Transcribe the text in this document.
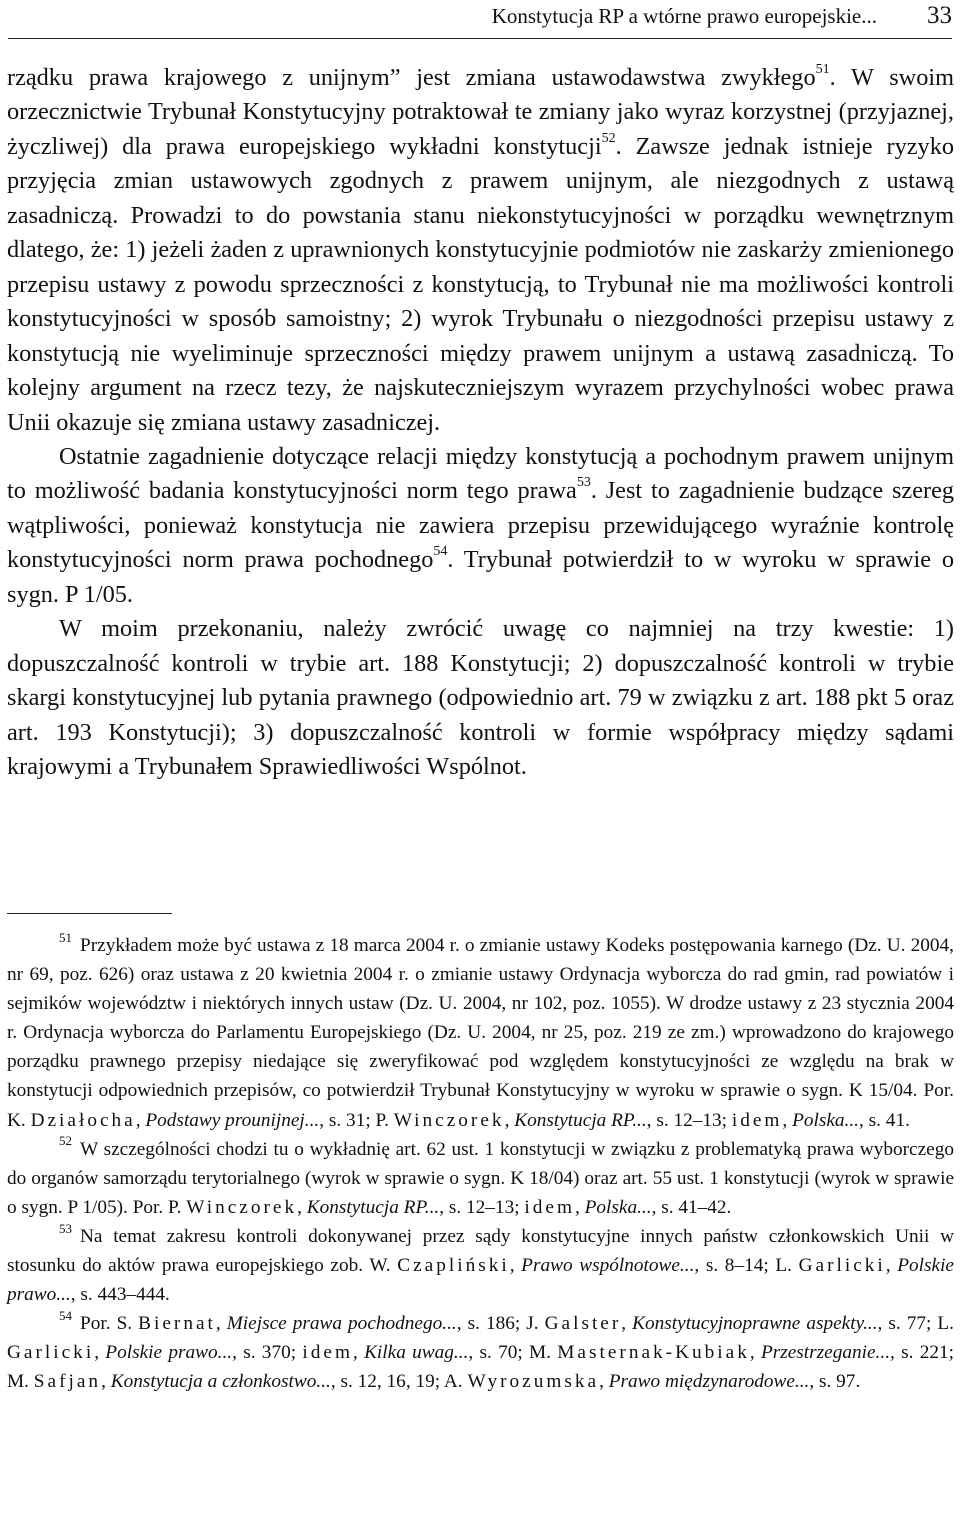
Konstytucja RP a wtórne prawo europejskie... 33

rządku prawa krajowego z unijnym” jest zmiana ustawodawstwa zwykłego$^{51}$. W swoim orzecznictwie Trybunał Konstytucyjny potraktował te zmiany jako wyraz korzystnej (przyjaznej, życzliwej) dla prawa europejskiego wykładni konstytucji$^{52}$. Zawsze jednak istnieje ryzyko przyjęcia zmian ustawowych zgodnych z prawem unijnym, ale niezgodnych z ustawą zasadniczą. Prowadzi to do powstania stanu niekonstytucyjności w porządku wewnętrznym dlatego, że: 1) jeżeli żaden z uprawnionych konstytucyjnie podmiotów nie zaskarży zmienionego przepisu ustawy z powodu sprzeczności z konstytucją, to Trybunał nie ma możliwości kontroli konstytucyjności w sposób samoistny; 2) wyrok Trybunału o niezgodności przepisu ustawy z konstytucją nie wyeliminuje sprzeczności między prawem unijnym a ustawą zasadniczą. To kolejny argument na rzecz tezy, że najskuteczniejszym wyrazem przychylności wobec prawa Unii okazuje się zmiana ustawy zasadniczej.

Ostatnie zagadnienie dotyczące relacji między konstytucją a pochodnym prawem unijnym to możliwość badania konstytucyjności norm tego prawa$^{53}$. Jest to zagadnienie budzące szereg wątpliwości, ponieważ konstytucja nie zawiera przepisu przewidującego wyraźnie kontrolę konstytucyjności norm prawa pochodnego$^{54}$. Trybunał potwierdził to w wyroku w sprawie o sygn. P 1/05.

W moim przekonaniu, należy zwrócić uwagę co najmniej na trzy kwestie: 1) dopuszczalność kontroli w trybie art. 188 Konstytucji; 2) dopuszczalność kontroli w trybie skargi konstytucyjnej lub pytania prawnego (odpowiednio art. 79 w związku z art. 188 pkt 5 oraz art. 193 Konstytucji); 3) dopuszczalność kontroli w formie współpracy między sądami krajowymi a Trybunałem Sprawiedliwości Wspólnot.

$^{51}$ Przykładem może być ustawa z 18 marca 2004 r. o zmianie ustawy Kodeks postępowania karnego (Dz. U. 2004, nr 69, poz. 626) oraz ustawa z 20 kwietnia 2004 r. o zmianie ustawy Ordynacja wyborcza do rad gmin, rad powiatów i sejmików województw i niektórych innych ustaw (Dz. U. 2004, nr 102, poz. 1055). W drodze ustawy z 23 stycznia 2004 r. Ordynacja wyborcza do Parlamentu Europejskiego (Dz. U. 2004, nr 25, poz. 219 ze zm.) wprowadzono do krajowego porządku prawnego przepisy niedające się zweryfikować pod względem konstytucyjności ze względu na brak w konstytucji odpowiednich przepisów, co potwierdził Trybunał Konstytucyjny w wyroku w sprawie o sygn. K 15/04. Por. K. Działocha, Podstawy prounijnej..., s. 31; P. Winczorek, Konstytucja RP..., s. 12–13; idem, Polska..., s. 41.

$^{52}$ W szczególności chodzi tu o wykładnię art. 62 ust. 1 konstytucji w związku z problematyką prawa wyborczego do organów samorządu terytorialnego (wyrok w sprawie o sygn. K 18/04) oraz art. 55 ust. 1 konstytucji (wyrok w sprawie o sygn. P 1/05). Por. P. Winczorek, Konstytucja RP..., s. 12–13; idem, Polska..., s. 41–42.

$^{53}$ Na temat zakresu kontroli dokonywanej przez sądy konstytucyjne innych państw członkowskich Unii w stosunku do aktów prawa europejskiego zob. W. Czapliński, Prawo wspólnotowe..., s. 8–14; L. Garlicki, Polskie prawo..., s. 443–444.

$^{54}$ Por. S. Biernat, Miejsce prawa pochodnego..., s. 186; J. Galster, Konstytucyjnoprawne aspekty..., s. 77; L. Garlicki, Polskie prawo..., s. 370; idem, Kilka uwag..., s. 70; M. Masternak-Kubiak, Przestrzeganie..., s. 221; M. Safjan, Konstytucja a członkostwo..., s. 12, 16, 19; A. Wyrozumska, Prawo międzynarodowe..., s. 97.
